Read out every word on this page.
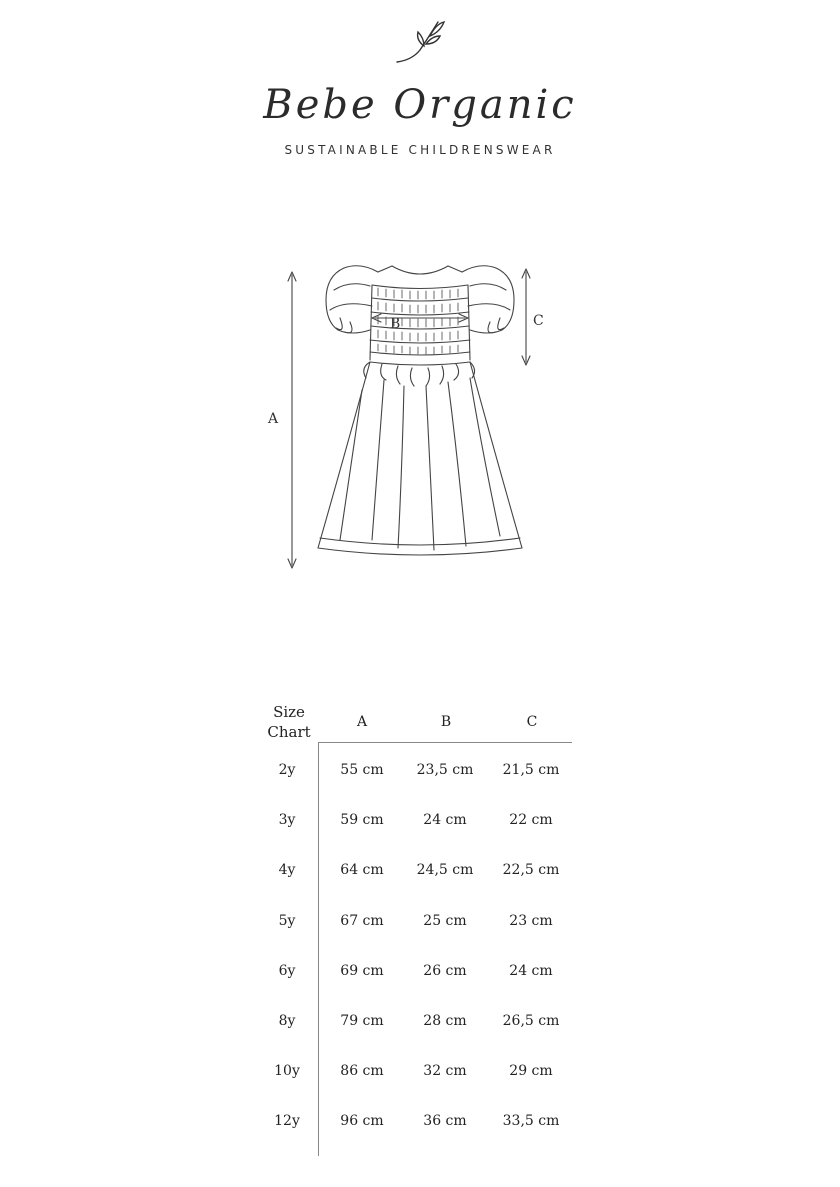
Bebe Organic
SUSTAINABLE CHILDRENSWEAR
A
B	C
Size
Chart
A	B	C
2y	55 cm	23,5 cm	21,5 cm
3y	59 cm	24 cm	22 cm
4y	64 cm	24,5 cm	22,5 cm
5y	67 cm	25 cm	23 cm
6y	69 cm	26 cm	24 cm
8y	79 cm	28 cm	26,5 cm
10y	86 cm	32 cm	29 cm
12y	96 cm	36 cm	33,5 cm
